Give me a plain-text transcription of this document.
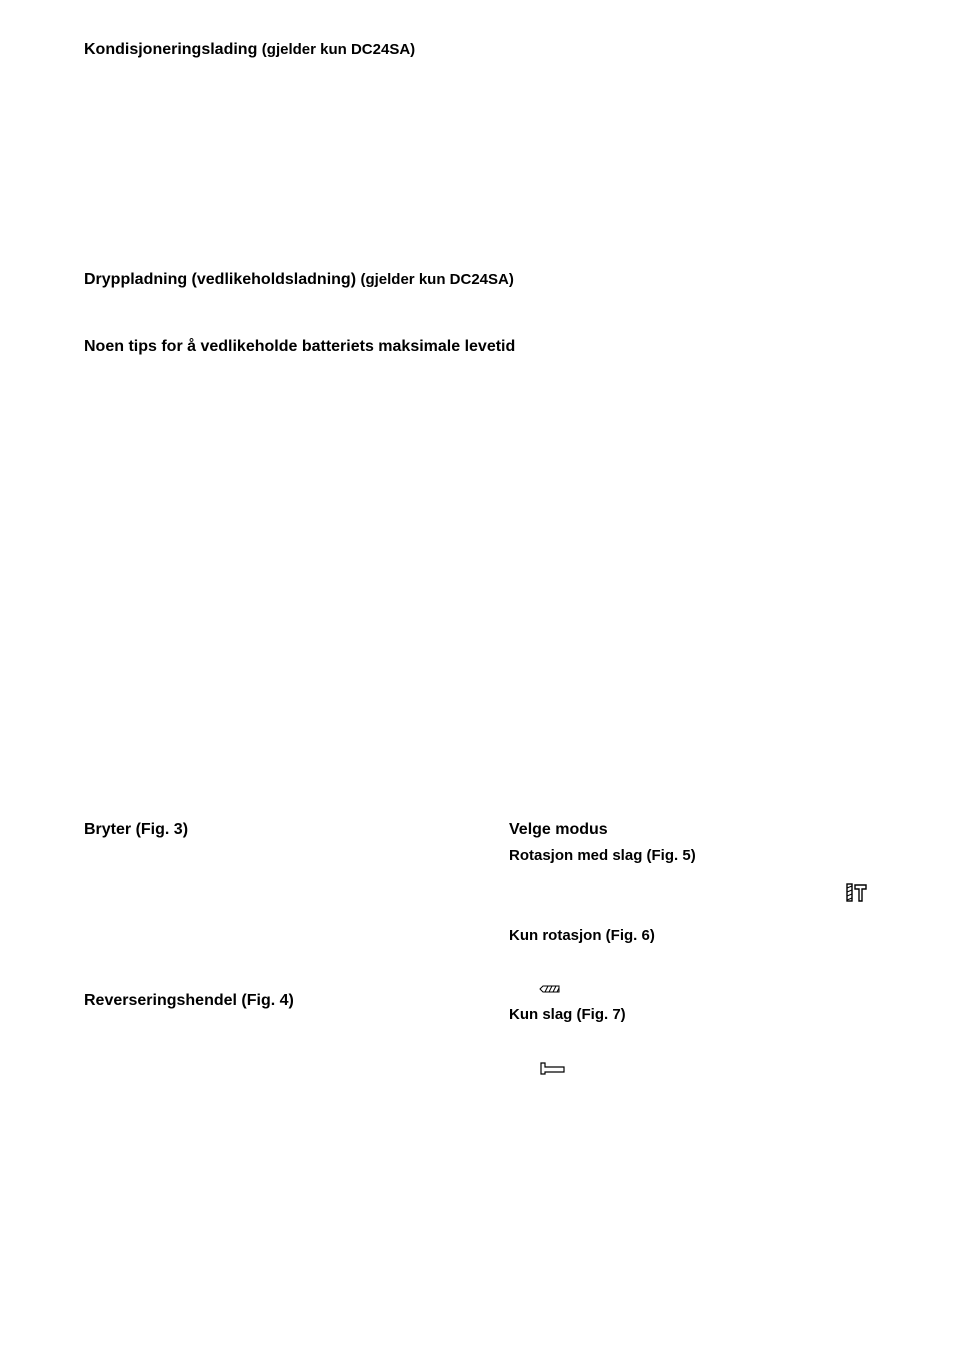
Kondisjoneringslading (gjelder kun DC24SA)
Dryppladning (vedlikeholdsladning) (gjelder kun DC24SA)
Noen tips for å vedlikeholde batteriets maksimale levetid
Bryter (Fig. 3)
Reverseringshendel (Fig. 4)
Velge modus
Rotasjon med slag (Fig. 5)
Kun rotasjon (Fig. 6)
Kun slag (Fig. 7)
